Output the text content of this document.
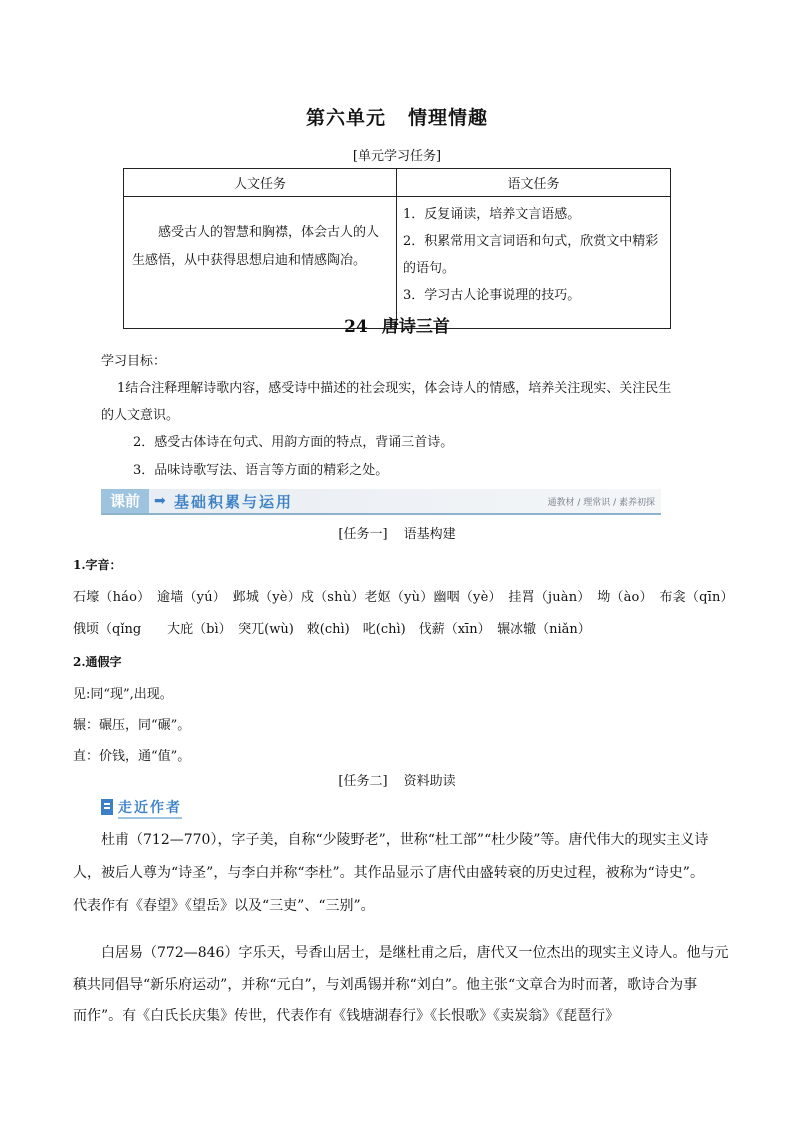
第六单元 情理情趣
[单元学习任务]
人文任务	语文任务
感受古人的智慧和胸襟，体会古人的人生感悟，从中获得思想启迪和情感陶冶。	1．反复诵读，培养文言语感。
2．积累常用文言词语和句式，欣赏文中精彩的语句。
3．学习古人论事说理的技巧。
24 唐诗三首
学习目标：
1结合注释理解诗歌内容，感受诗中描述的社会现实，体会诗人的情感，培养关注现实、关注民生
的人文意识。
2．感受古体诗在句式、用韵方面的特点，背诵三首诗。
3．品味诗歌写法、语言等方面的精彩之处。
课前	➡ 基础积累与运用	通教材 / 理常识 / 素养初探
[任务一] 语基构建
1.字音：
石壕（háo）　逾墙（yú）　邺城（yè）戍（shù）老妪（yù）幽咽（yè）　挂罥（juàn）　坳（ào）　布衾（qīn）
俄顷（qǐng　　大庇（bì）　突兀(wù)　敕(chì)　叱(chì)　伐薪（xīn）　辗冰辙（niǎn）
2.通假字
见:同“现”,出现。
辗：碾压，同“碾”。
直：价钱，通“值”。
[任务二] 资料助读
走近作者
杜甫（712—770），字子美，自称“少陵野老”，世称“杜工部”“杜少陵”等。唐代伟大的现实主义诗
人，被后人尊为“诗圣”，与李白并称“李杜”。其作品显示了唐代由盛转衰的历史过程，被称为“诗史”。
代表作有《春望》《望岳》以及“三吏”、“三别”。
白居易（772—846）字乐天，号香山居士，是继杜甫之后，唐代又一位杰出的现实主义诗人。他与元
稹共同倡导“新乐府运动”，并称“元白”，与刘禹锡并称“刘白”。他主张“文章合为时而著，歌诗合为事
而作”。有《白氏长庆集》传世，代表作有《钱塘湖春行》《长恨歌》《卖炭翁》《琵琶行》
